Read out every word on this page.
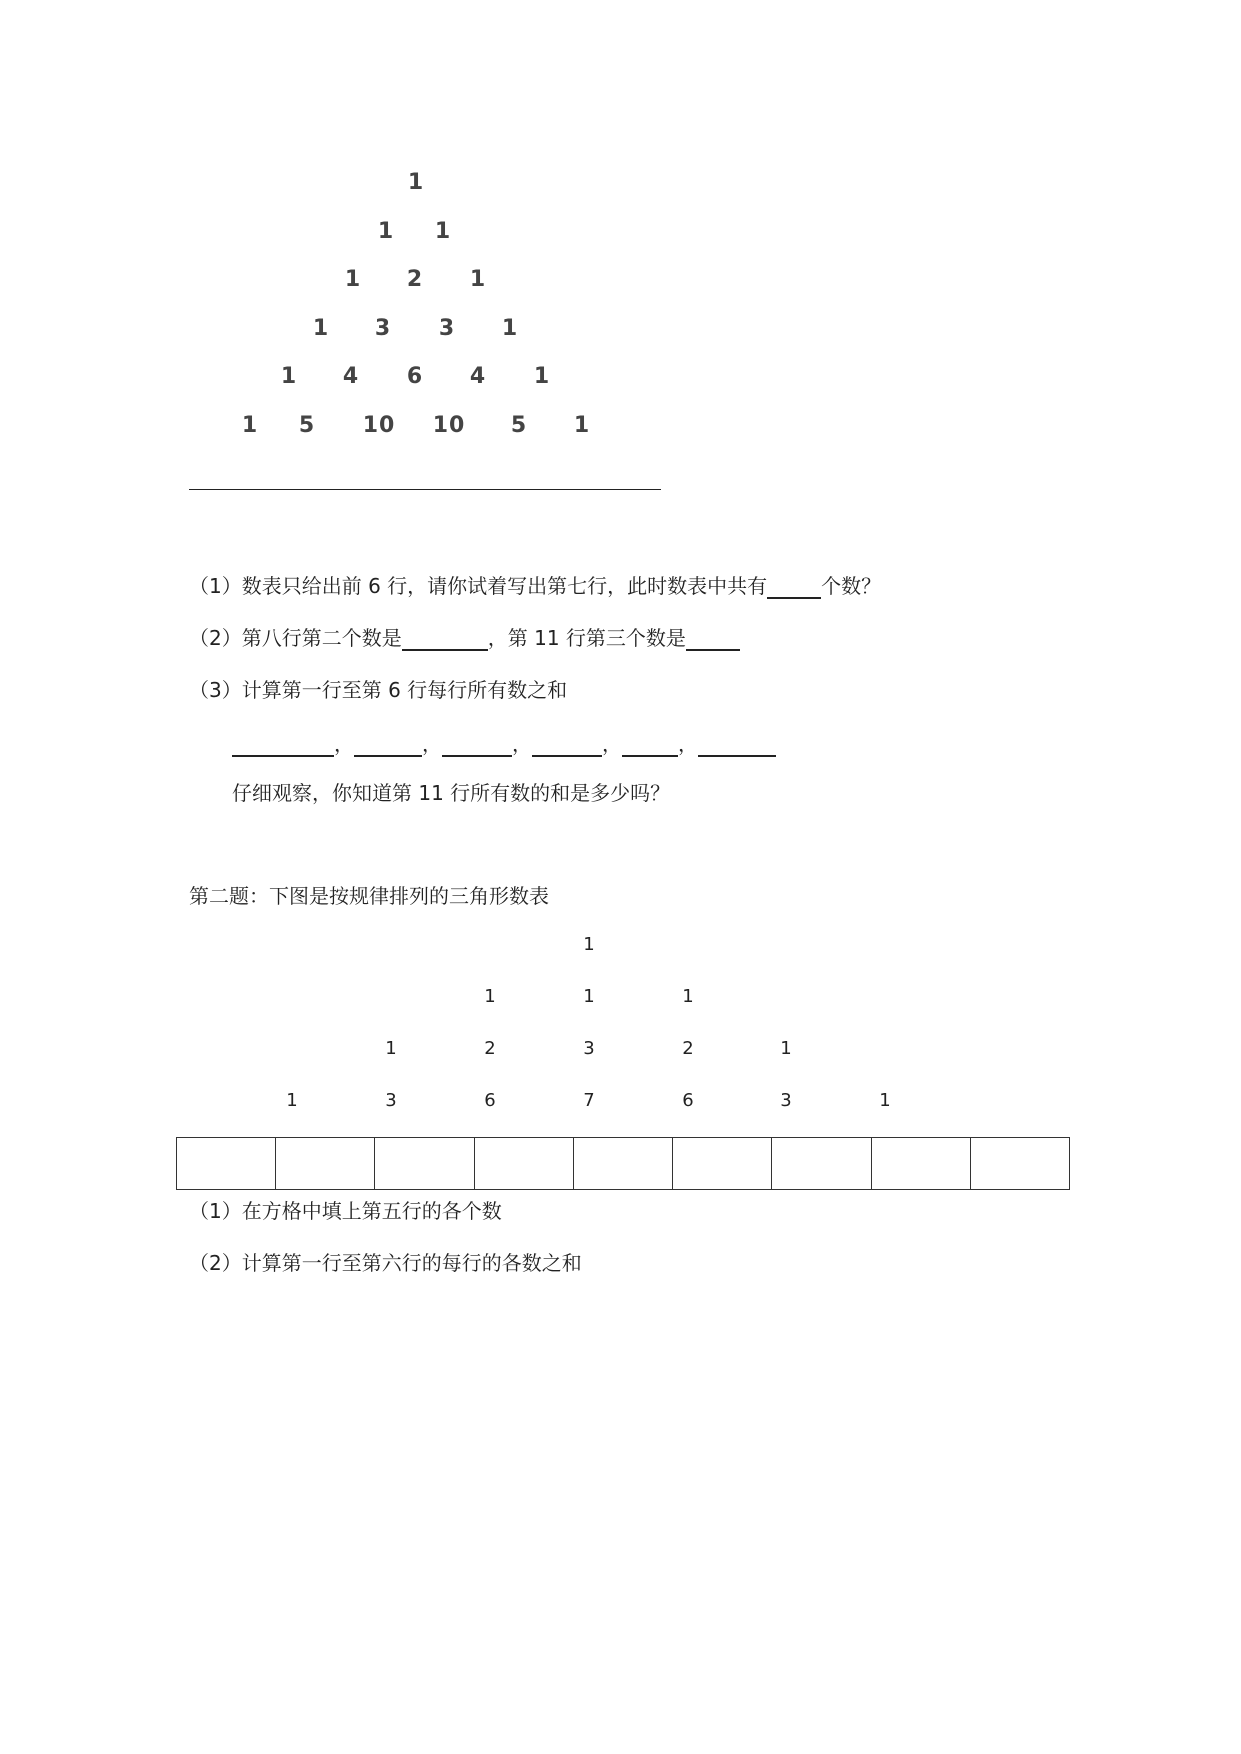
1
1 1
1 2 1
1 3 3 1
1 4 6 4 1
1 5 10 10 5 1
（1）数表只给出前 6 行，请你试着写出第七行，此时数表中共有	个数？
（2）第八行第二个数是	，第 11 行第三个数是
（3）计算第一行至第 6 行每行所有数之和
，	，	，	，	，
仔细观察，你知道第 11 行所有数的和是多少吗？
第二题：下图是按规律排列的三角形数表
1
1	1	1
1	2	3	2	1
1	3	6	7	6	3	1
（1）在方格中填上第五行的各个数
（2）计算第一行至第六行的每行的各数之和
